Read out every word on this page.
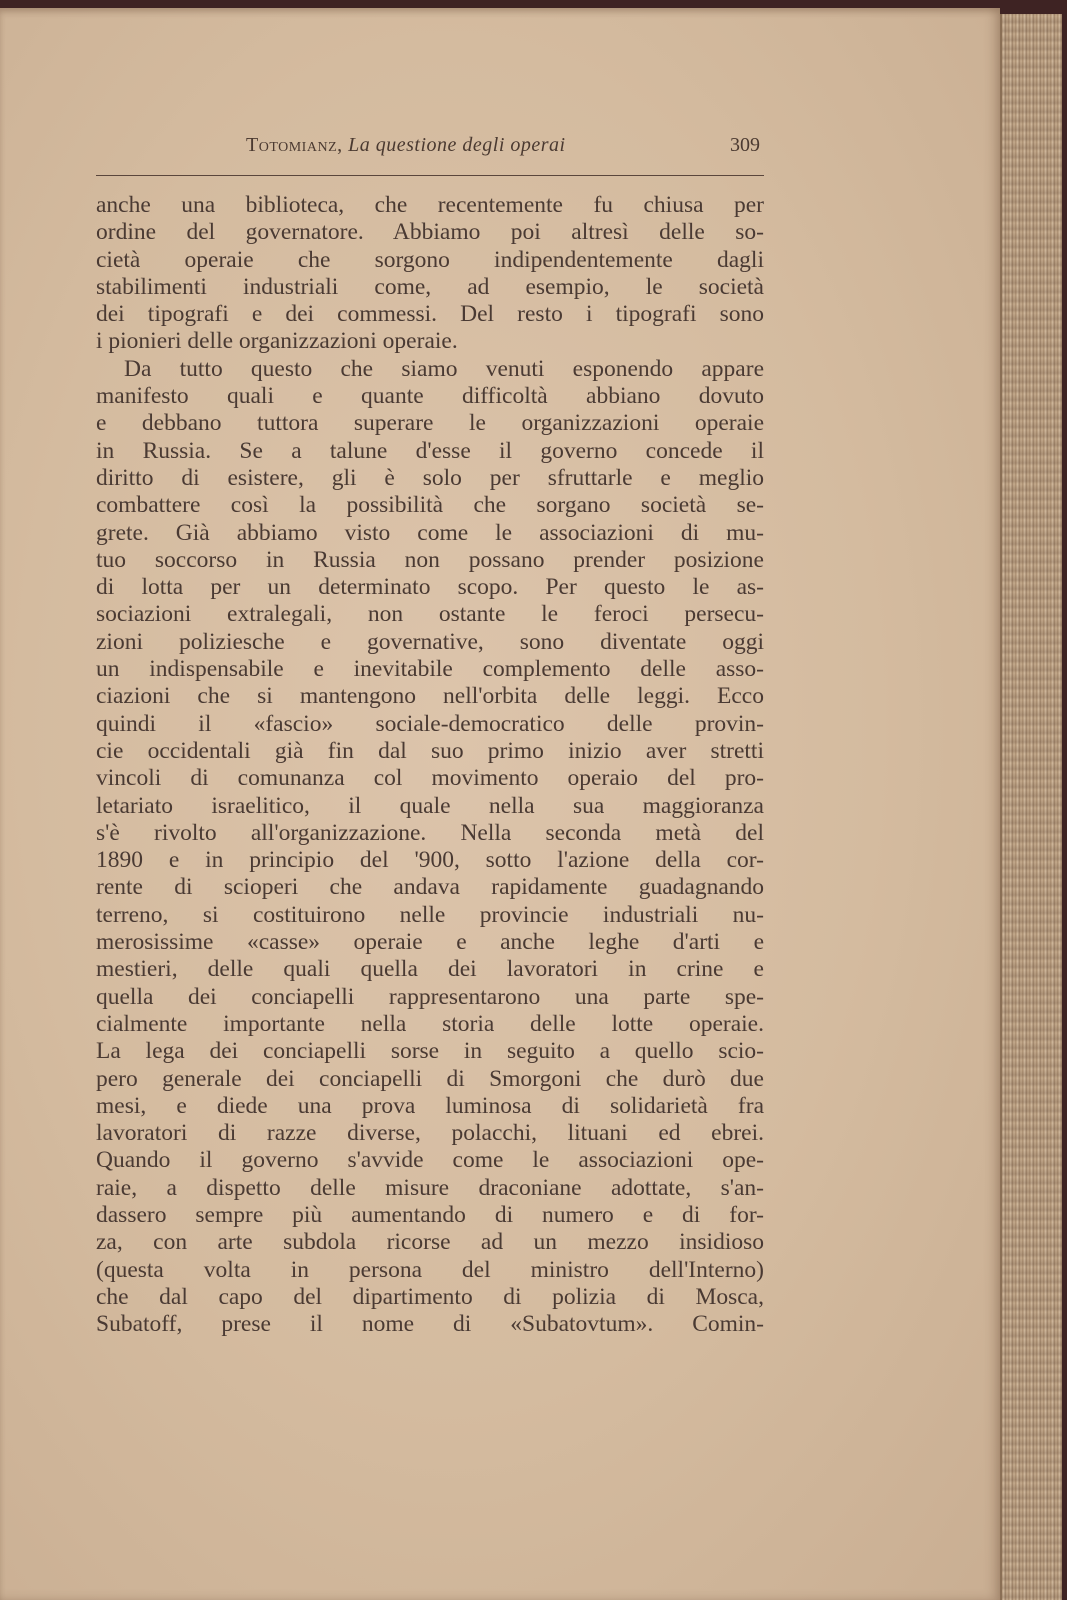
Totomianz, La questione degli operai	309
anche una biblioteca, che recentemente fu chiusa per
ordine del governatore. Abbiamo poi altresì delle so-
cietà operaie che sorgono indipendentemente dagli
stabilimenti industriali come, ad esempio, le società
dei tipografi e dei commessi. Del resto i tipografi sono
i pionieri delle organizzazioni operaie.
Da tutto questo che siamo venuti esponendo appare
manifesto quali e quante difficoltà abbiano dovuto
e debbano tuttora superare le organizzazioni operaie
in Russia. Se a talune d'esse il governo concede il
diritto di esistere, gli è solo per sfruttarle e meglio
combattere così la possibilità che sorgano società se-
grete. Già abbiamo visto come le associazioni di mu-
tuo soccorso in Russia non possano prender posizione
di lotta per un determinato scopo. Per questo le as-
sociazioni extralegali, non ostante le feroci persecu-
zioni poliziesche e governative, sono diventate oggi
un indispensabile e inevitabile complemento delle asso-
ciazioni che si mantengono nell'orbita delle leggi. Ecco
quindi il «fascio» sociale-democratico delle provin-
cie occidentali già fin dal suo primo inizio aver stretti
vincoli di comunanza col movimento operaio del pro-
letariato israelitico, il quale nella sua maggioranza
s'è rivolto all'organizzazione. Nella seconda metà del
1890 e in principio del '900, sotto l'azione della cor-
rente di scioperi che andava rapidamente guadagnando
terreno, si costituirono nelle provincie industriali nu-
merosissime «casse» operaie e anche leghe d'arti e
mestieri, delle quali quella dei lavoratori in crine e
quella dei conciapelli rappresentarono una parte spe-
cialmente importante nella storia delle lotte operaie.
La lega dei conciapelli sorse in seguito a quello scio-
pero generale dei conciapelli di Smorgoni che durò due
mesi, e diede una prova luminosa di solidarietà fra
lavoratori di razze diverse, polacchi, lituani ed ebrei.
Quando il governo s'avvide come le associazioni ope-
raie, a dispetto delle misure draconiane adottate, s'an-
dassero sempre più aumentando di numero e di for-
za, con arte subdola ricorse ad un mezzo insidioso
(questa volta in persona del ministro dell'Interno)
che dal capo del dipartimento di polizia di Mosca,
Subatoff, prese il nome di «Subatovtum». Comin-
